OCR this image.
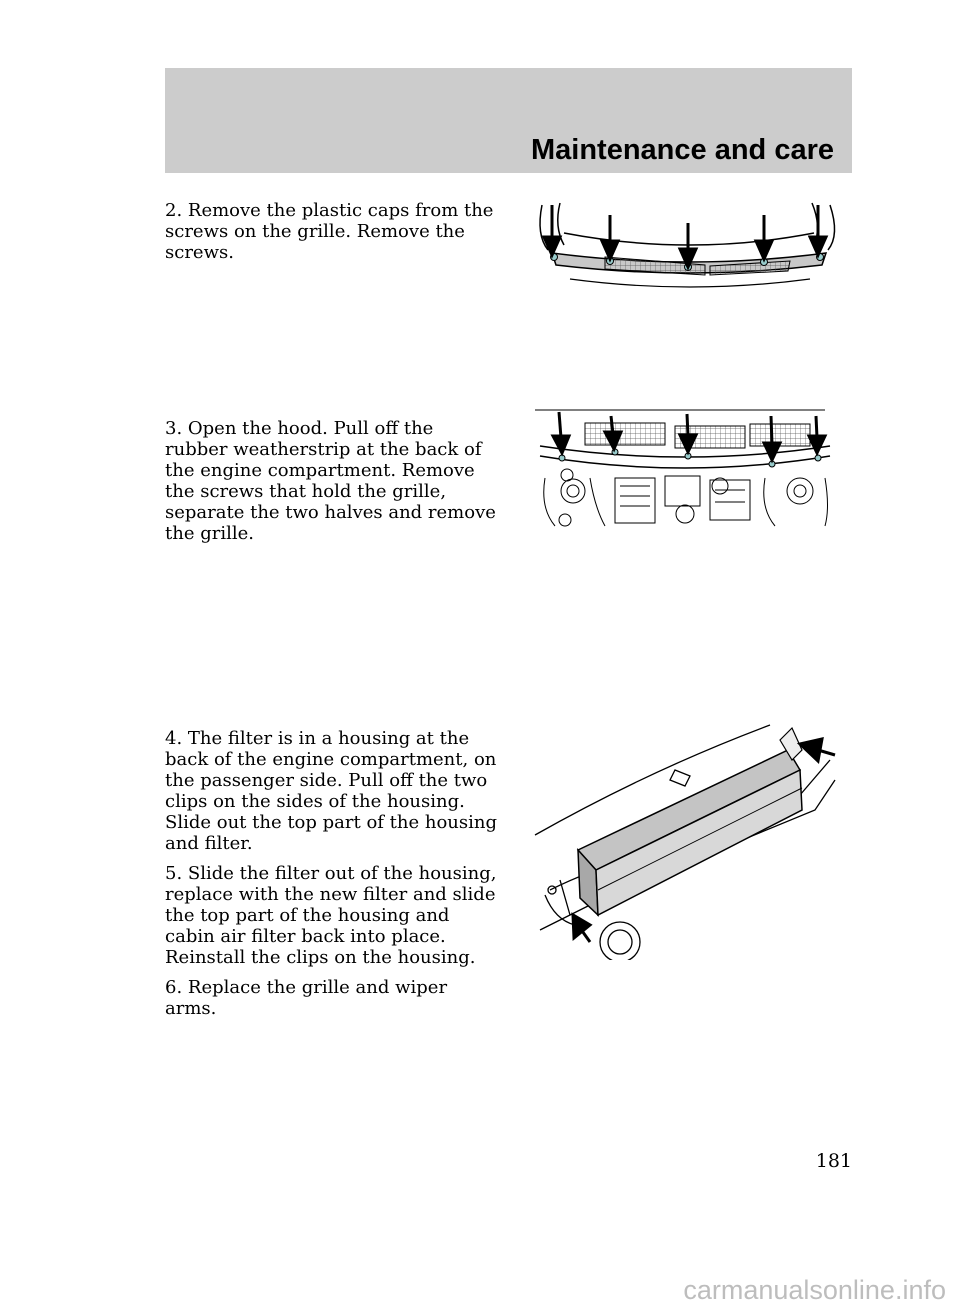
Maintenance and care

2. Remove the plastic caps from the screws on the grille. Remove the screws.

3. Open the hood. Pull off the rubber weatherstrip at the back of the engine compartment. Remove the screws that hold the grille, separate the two halves and remove the grille.

4. The filter is in a housing at the back of the engine compartment, on the passenger side. Pull off the two clips on the sides of the housing. Slide out the top part of the housing and filter.

5. Slide the filter out of the housing, replace with the new filter and slide the top part of the housing and cabin air filter back into place. Reinstall the clips on the housing.

6. Replace the grille and wiper arms.

181
carmanualsonline.info
